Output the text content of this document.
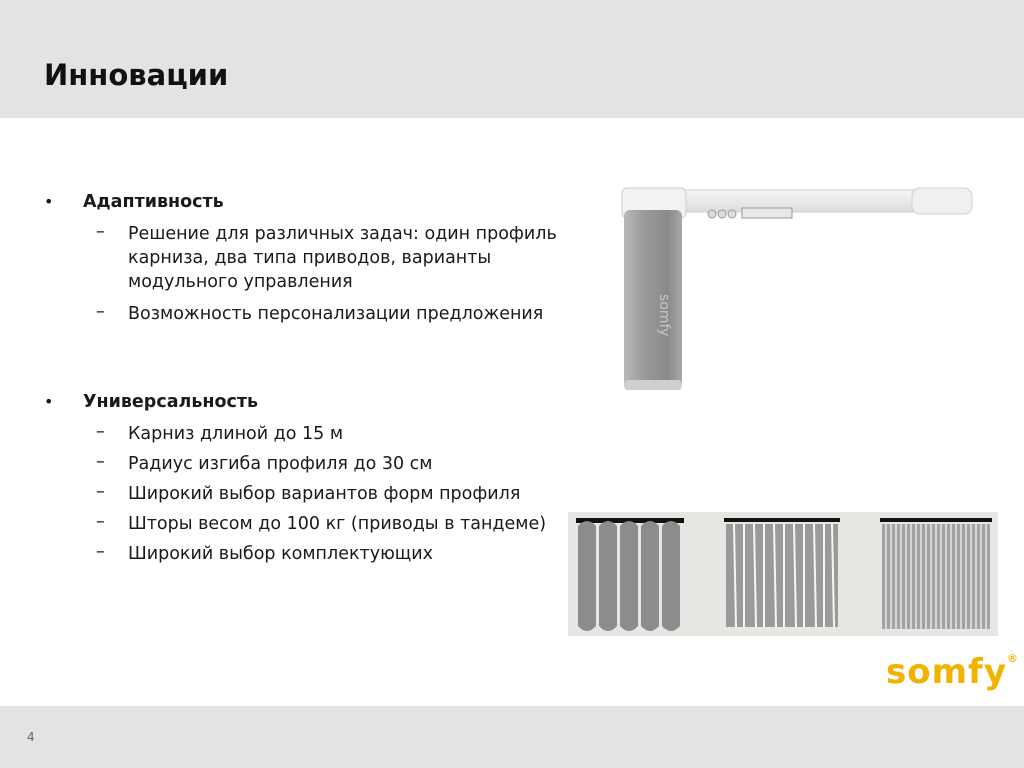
Инновации
• Адаптивность
– Решение для различных задач: один профиль карниза, два типа приводов, варианты модульного управления
– Возможность персонализации предложения
• Универсальность
– Карниз длиной до 15 м
– Радиус изгиба профиля до 30 см
– Широкий выбор вариантов форм профиля
– Шторы весом до 100 кг (приводы в тандеме)
– Широкий выбор комплектующих
somfy
somfy®
4
